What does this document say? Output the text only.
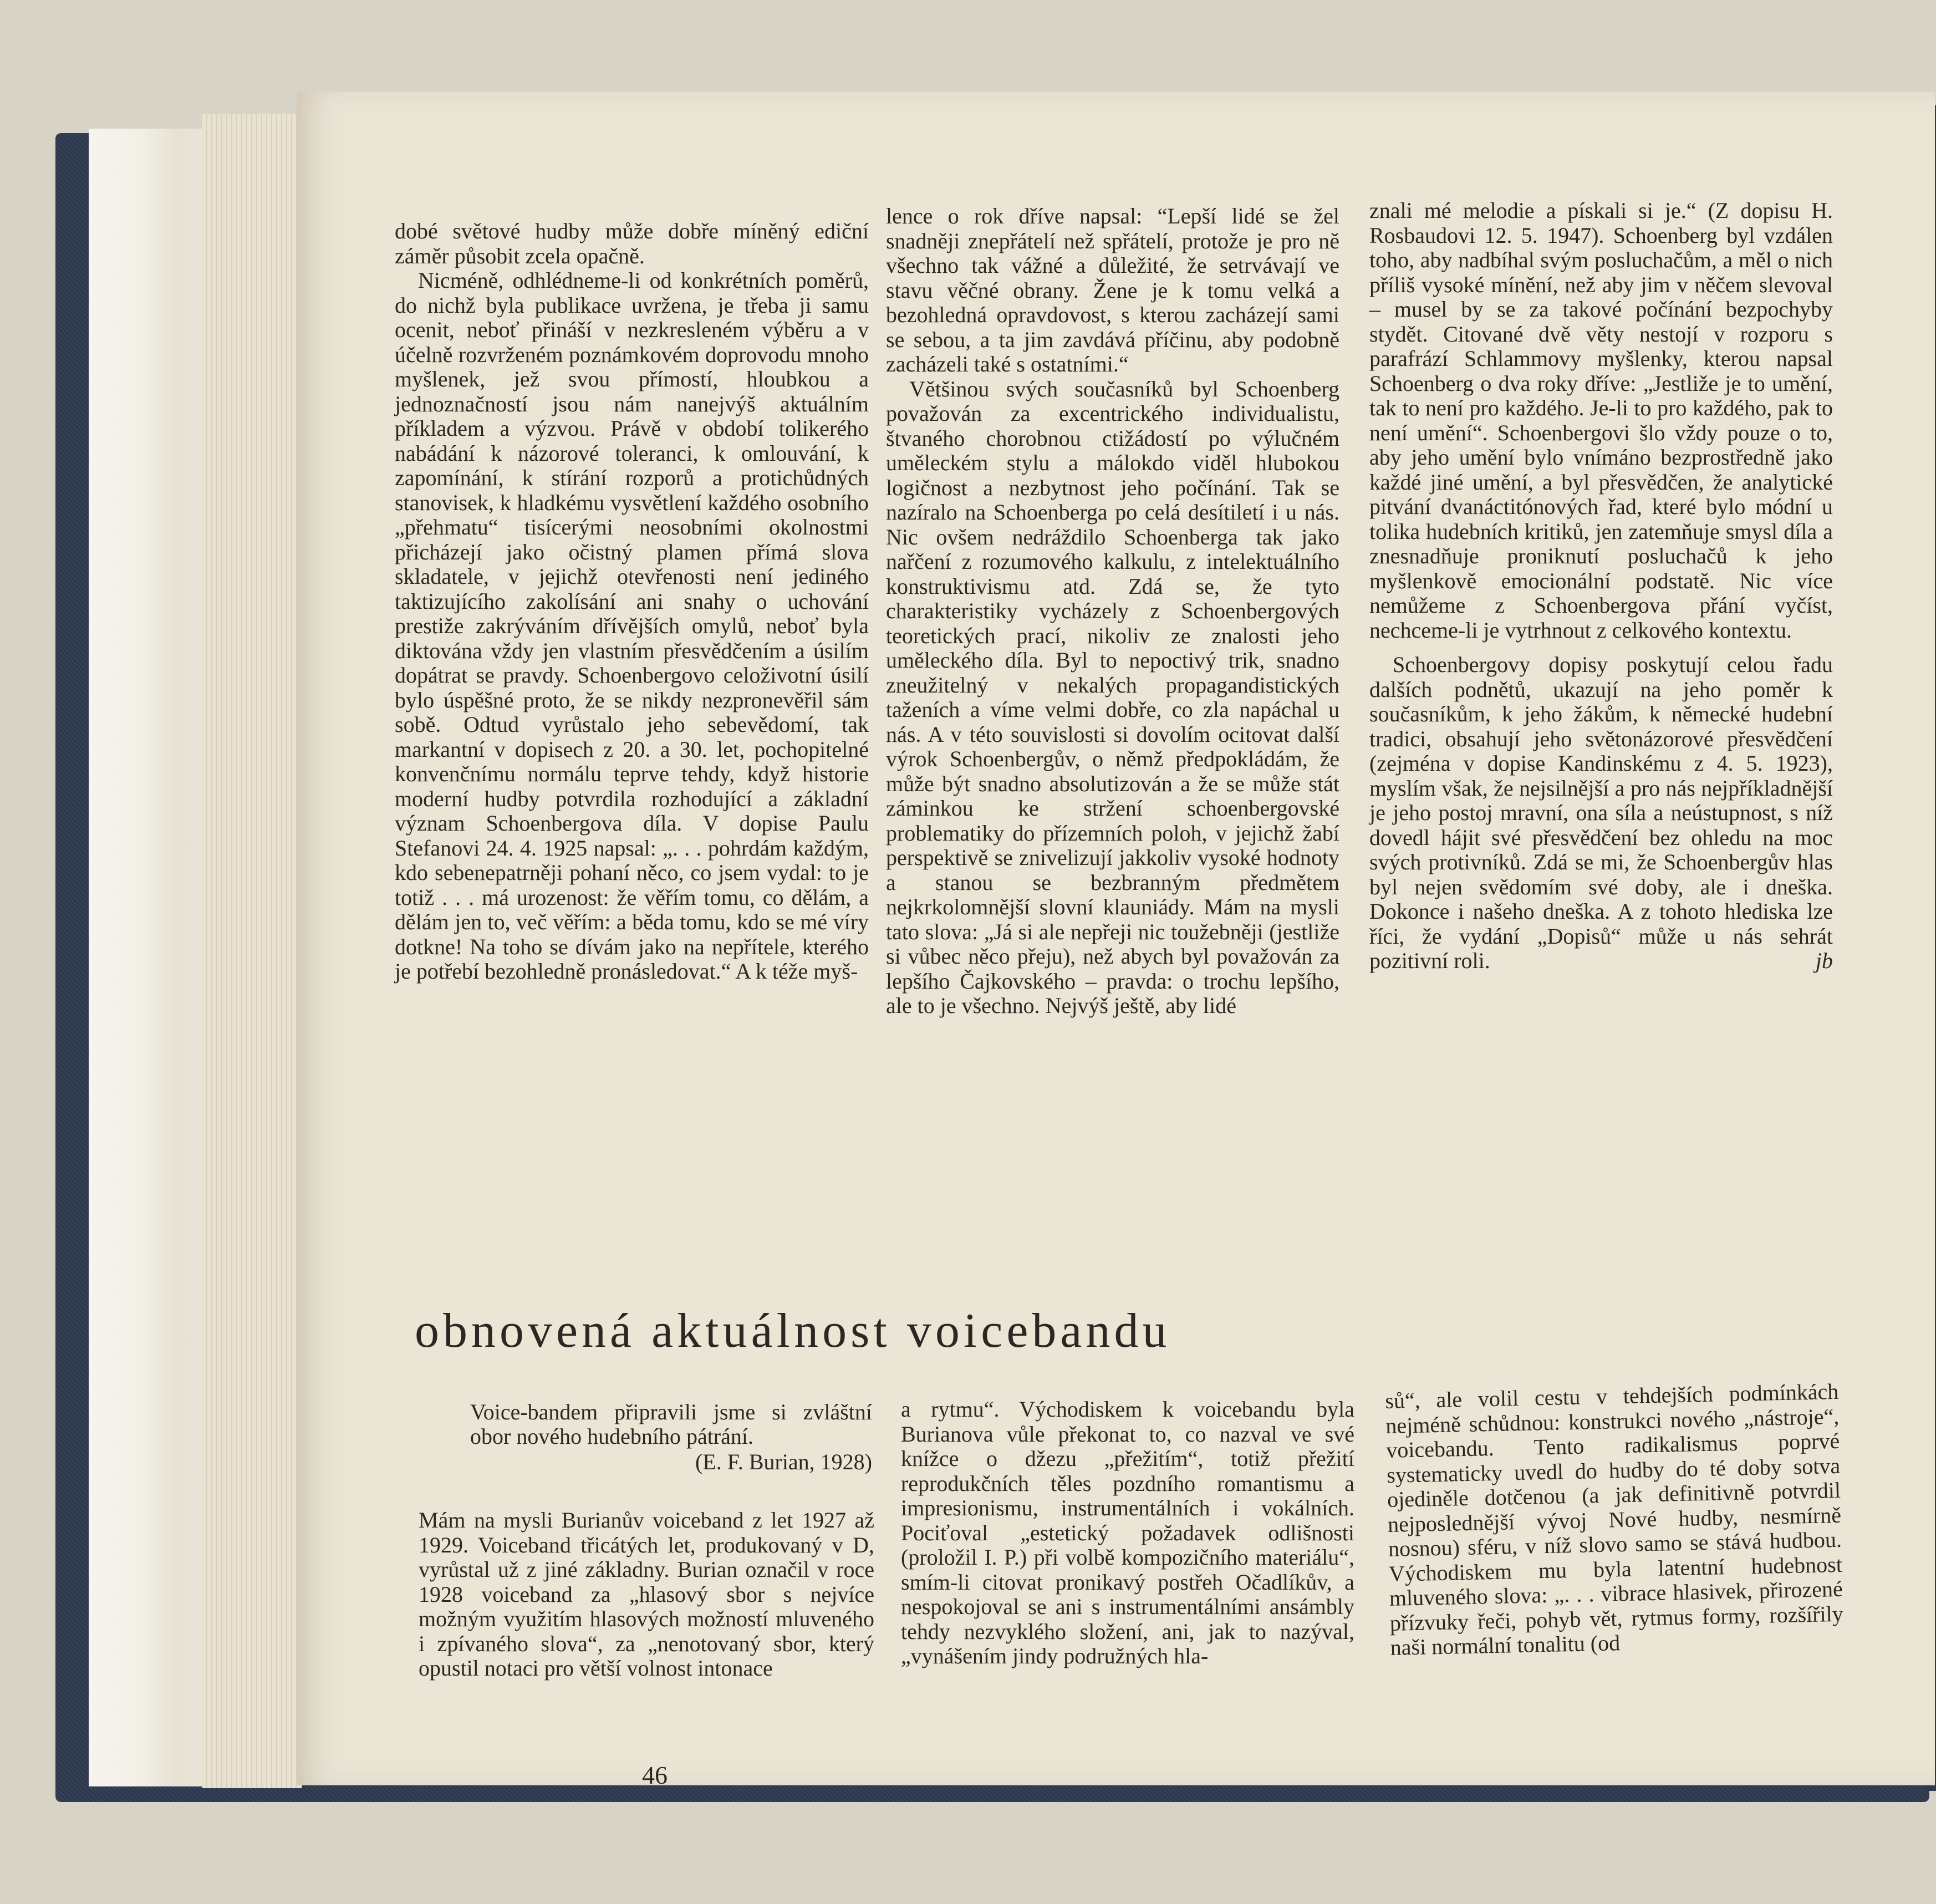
dobé světové hudby může dobře míněný ediční záměr působit zcela opačně.

Nicméně, odhlédneme-li od konkrétních poměrů, do nichž byla publikace uvržena, je třeba ji samu ocenit, neboť přináší v nezkresleném výběru a v účelně rozvrženém poznámkovém doprovodu mnoho myšlenek, jež svou přímostí, hloubkou a jednoznačností jsou nám nanejvýš aktuálním příkladem a výzvou. Právě v období tolikerého nabádání k názorové toleranci, k omlouvání, k zapomínání, k stírání rozporů a protichůdných stanovisek, k hladkému vysvětlení každého osobního „přehmatu“ tisícerými neosobními okolnostmi přicházejí jako očistný plamen přímá slova skladatele, v jejichž otevřenosti není jediného taktizujícího zakolísání ani snahy o uchování prestiže zakrýváním dřívějších omylů, neboť byla diktována vždy jen vlastním přesvědčením a úsilím dopátrat se pravdy. Schoenbergovo celoživotní úsilí bylo úspěšné proto, že se nikdy nezpronevěřil sám sobě. Odtud vyrůstalo jeho sebevědomí, tak markantní v dopisech z 20. a 30. let, pochopitelné konvenčnímu normálu teprve tehdy, když historie moderní hudby potvrdila rozhodující a základní význam Schoenbergova díla. V dopise Paulu Stefanovi 24. 4. 1925 napsal: „. . . pohrdám každým, kdo sebenepatrněji pohaní něco, co jsem vydal: to je totiž . . . má urozenost: že věřím tomu, co dělám, a dělám jen to, več věřím: a běda tomu, kdo se mé víry dotkne! Na toho se dívám jako na nepřítele, kterého je potřebí bezohledně pronásledovat.“ A k téže myš-

lence o rok dříve napsal: “Lepší lidé se žel snadněji znepřátelí než spřátelí, protože je pro ně všechno tak vážné a důležité, že setrvávají ve stavu věčné obrany. Žene je k tomu velká a bezohledná opravdovost, s kterou zacházejí sami se sebou, a ta jim zavdává příčinu, aby podobně zacházeli také s ostatními.“

Většinou svých současníků byl Schoenberg považován za excentrického individualistu, štvaného chorobnou ctižádostí po výlučném uměleckém stylu a málokdo viděl hlubokou logičnost a nezbytnost jeho počínání. Tak se nazíralo na Schoenberga po celá desítiletí i u nás. Nic ovšem nedráždilo Schoenberga tak jako nařčení z rozumového kalkulu, z intelektuálního konstruktivismu atd. Zdá se, že tyto charakteristiky vycházely z Schoenbergových teoretických prací, nikoliv ze znalosti jeho uměleckého díla. Byl to nepoctivý trik, snadno zneužitelný v nekalých propagandistických taženích a víme velmi dobře, co zla napáchal u nás. A v této souvislosti si dovolím ocitovat další výrok Schoenbergův, o němž předpokládám, že může být snadno absolutizován a že se může stát záminkou ke stržení schoenbergovské problematiky do přízemních poloh, v jejichž žabí perspektivě se znivelizují jakkoliv vysoké hodnoty a stanou se bezbranným předmětem nejkrkolomnější slovní klauniády. Mám na mysli tato slova: „Já si ale nepřeji nic toužebněji (jestliže si vůbec něco přeju), než abych byl považován za lepšího Čajkovského – pravda: o trochu lepšího, ale to je všechno. Nejvýš ještě, aby lidé

znali mé melodie a pískali si je.“ (Z dopisu H. Rosbaudovi 12. 5. 1947). Schoenberg byl vzdálen toho, aby nadbíhal svým posluchačům, a měl o nich příliš vysoké mínění, než aby jim v něčem slevoval – musel by se za takové počínání bezpochyby stydět. Citované dvě věty nestojí v rozporu s parafrází Schlammovy myšlenky, kterou napsal Schoenberg o dva roky dříve: „Jestliže je to umění, tak to není pro každého. Je-li to pro každého, pak to není umění“. Schoenbergovi šlo vždy pouze o to, aby jeho umění bylo vnímáno bezprostředně jako každé jiné umění, a byl přesvědčen, že analytické pitvání dvanáctitónových řad, které bylo módní u tolika hudebních kritiků, jen zatemňuje smysl díla a znesnadňuje proniknutí posluchačů k jeho myšlenkově emocionální podstatě. Nic více nemůžeme z Schoenbergova přání vyčíst, nechceme-li je vytrhnout z celkového kontextu.

Schoenbergovy dopisy poskytují celou řadu dalších podnětů, ukazují na jeho poměr k současníkům, k jeho žákům, k německé hudební tradici, obsahují jeho světonázorové přesvědčení (zejména v dopise Kandinskému z 4. 5. 1923), myslím však, že nejsilnější a pro nás nejpříkladnější je jeho postoj mravní, ona síla a neústupnost, s níž dovedl hájit své přesvědčení bez ohledu na moc svých protivníků. Zdá se mi, že Schoenbergův hlas byl nejen svědomím své doby, ale i dneška. Dokonce i našeho dneška. A z tohoto hlediska lze říci, že vydání „Dopisů“ může u nás sehrát pozitivní roli.	jb

obnovená aktuálnost voicebandu
Voice-bandem připravili jsme si zvláštní obor nového hudebního pátrání.
(E. F. Burian, 1928)

Mám na mysli Burianův voiceband z let 1927 až 1929. Voiceband třicátých let, produkovaný v D, vyrůstal už z jiné základny. Burian označil v roce 1928 voiceband za „hlasový sbor s nejvíce možným využitím hlasových možností mluveného i zpívaného slova“, za „nenotovaný sbor, který opustil notaci pro větší volnost intonace

a rytmu“. Východiskem k voicebandu byla Burianova vůle překonat to, co nazval ve své knížce o džezu „přežitím“, totiž přežití reprodukčních těles pozdního romantismu a impresionismu, instrumentálních i vokálních. Pociťoval „estetický požadavek odlišnosti (proložil I. P.) při volbě kompozičního materiálu“, smím-li citovat pronikavý postřeh Očadlíkův, a nespokojoval se ani s instrumentálními ansámbly tehdy nezvyklého složení, ani, jak to nazýval, „vynášením jindy podružných hla-

sů“, ale volil cestu v tehdejších podmínkách nejméně schůdnou: konstrukci nového „nástroje“, voicebandu. Tento radikalismus poprvé systematicky uvedl do hudby do té doby sotva ojediněle dotčenou (a jak definitivně potvrdil nejposlednější vývoj Nové hudby, nesmírně nosnou) sféru, v níž slovo samo se stává hudbou. Východiskem mu byla latentní hudebnost mluveného slova: „. . . vibrace hlasivek, přirozené přízvuky řeči, pohyb vět, rytmus formy, rozšířily naši normální tonalitu (od

46
